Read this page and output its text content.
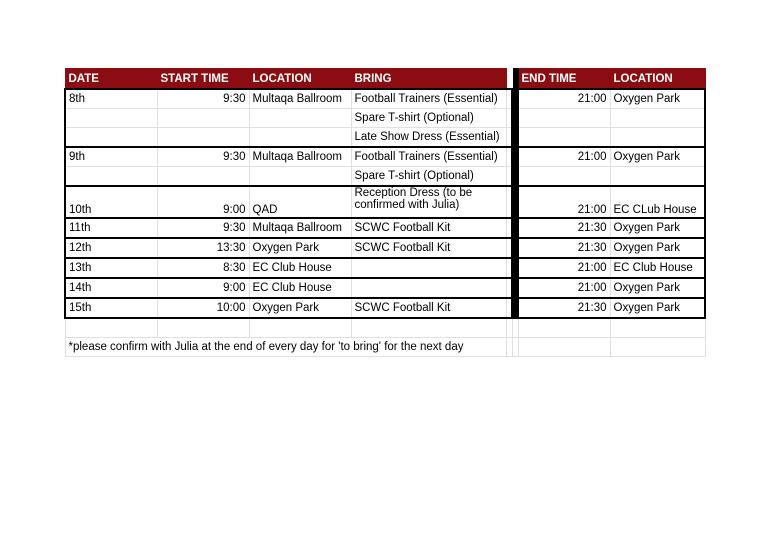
DATE	START TIME	LOCATION	BRING			END TIME	LOCATION
8th	9:30	Multaqa Ballroom	Football Trainers (Essential)			21:00	Oxygen Park
			Spare T-shirt (Optional)				
			Late Show Dress (Essential)				
9th	9:30	Multaqa Ballroom	Football Trainers (Essential)			21:00	Oxygen Park
			Spare T-shirt (Optional)				
10th	9:00	QAD	Reception Dress (to be confirmed with Julia)			21:00	EC CLub House
11th	9:30	Multaqa Ballroom	SCWC Football Kit			21:30	Oxygen Park
12th	13:30	Oxygen Park	SCWC Football Kit			21:30	Oxygen Park
13th	8:30	EC Club House				21:00	EC Club House
14th	9:00	EC Club House				21:00	Oxygen Park
15th	10:00	Oxygen Park	SCWC Football Kit			21:30	Oxygen Park

*please confirm with Julia at the end of every day for 'to bring' for the next day							
